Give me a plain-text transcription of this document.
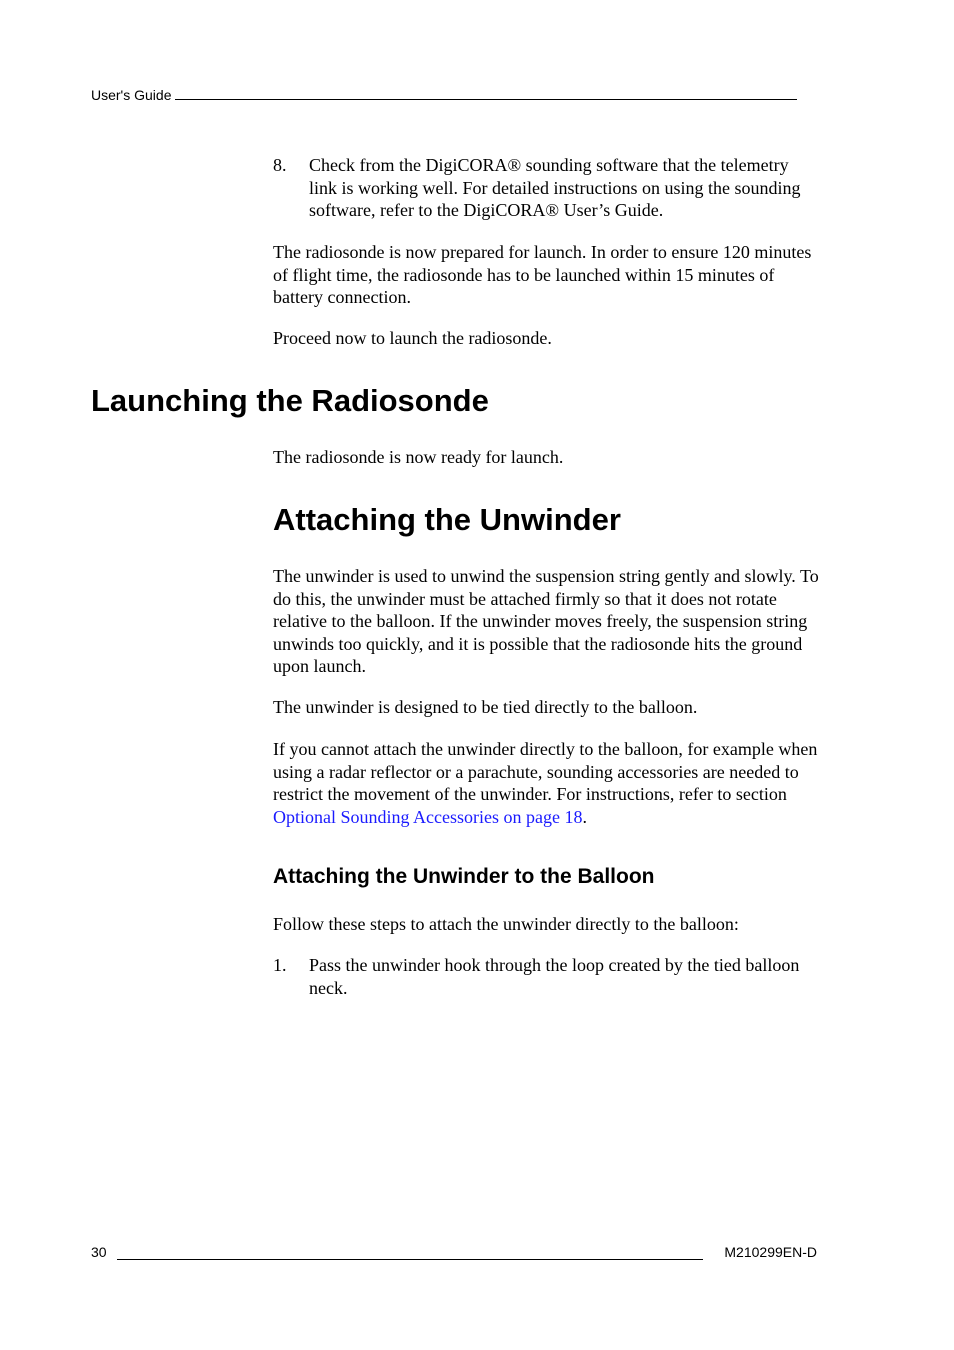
User's Guide
8. Check from the DigiCORA® sounding software that the telemetry link is working well. For detailed instructions on using the sounding software, refer to the DigiCORA® User’s Guide.
The radiosonde is now prepared for launch. In order to ensure 120 minutes of flight time, the radiosonde has to be launched within 15 minutes of battery connection.
Proceed now to launch the radiosonde.
Launching the Radiosonde
The radiosonde is now ready for launch.
Attaching the Unwinder
The unwinder is used to unwind the suspension string gently and slowly. To do this, the unwinder must be attached firmly so that it does not rotate relative to the balloon. If the unwinder moves freely, the suspension string unwinds too quickly, and it is possible that the radiosonde hits the ground upon launch.
The unwinder is designed to be tied directly to the balloon.
If you cannot attach the unwinder directly to the balloon, for example when using a radar reflector or a parachute, sounding accessories are needed to restrict the movement of the unwinder. For instructions, refer to section Optional Sounding Accessories on page 18.
Attaching the Unwinder to the Balloon
Follow these steps to attach the unwinder directly to the balloon:
1. Pass the unwinder hook through the loop created by the tied balloon neck.
30	M210299EN-D
